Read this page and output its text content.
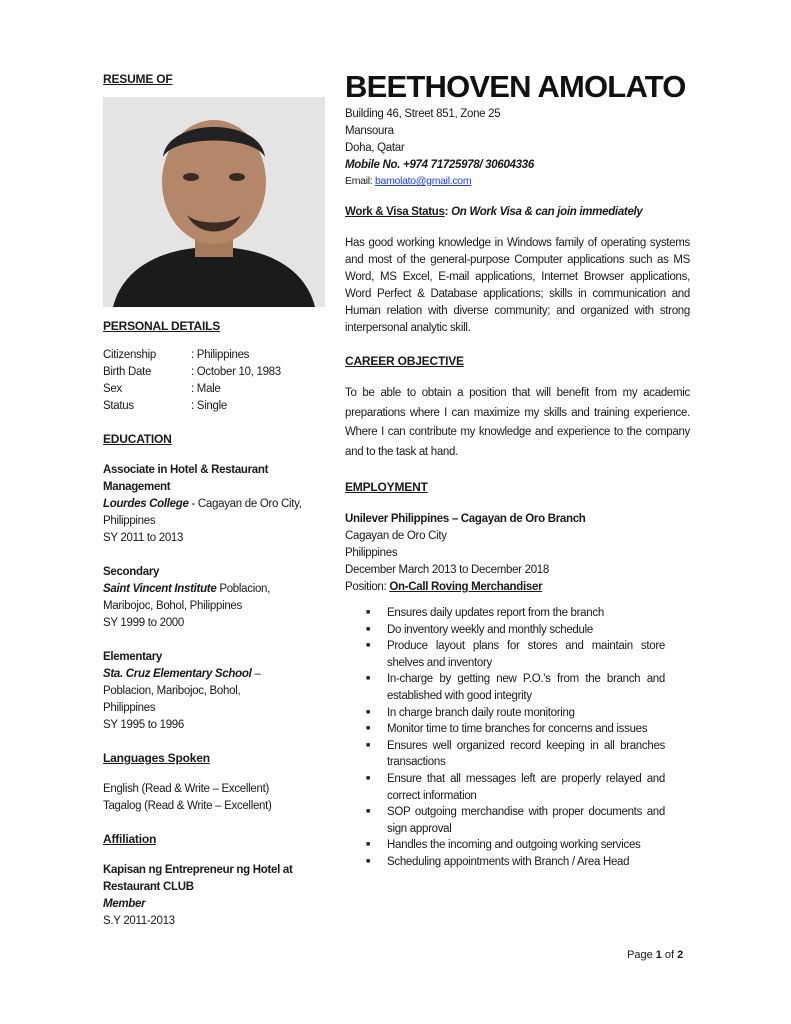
RESUME OF
PERSONAL DETAILS
Citizenship	: Philippines
Birth Date	: October 10, 1983
Sex	: Male
Status	: Single
EDUCATION
Associate in Hotel & Restaurant Management
Lourdes College - Cagayan de Oro City, Philippines
SY 2011 to 2013
Secondary
Saint Vincent Institute Poblacion, Maribojoc, Bohol, Philippines
SY 1999 to 2000
Elementary
Sta. Cruz Elementary School – Poblacion, Maribojoc, Bohol, Philippines
SY 1995 to 1996
Languages Spoken
English (Read & Write – Excellent)
Tagalog (Read & Write – Excellent)
Affiliation
Kapisan ng Entrepreneur ng Hotel at Restaurant CLUB
Member
S.Y 2011-2013
BEETHOVEN AMOLATO
Building 46, Street 851, Zone 25
Mansoura
Doha, Qatar
Mobile No. +974 71725978/ 30604336
Email: bamolato@gmail.com
Work & Visa Status: On Work Visa & can join immediately
Has good working knowledge in Windows family of operating systems and most of the general-purpose Computer applications such as MS Word, MS Excel, E-mail applications, Internet Browser applications, Word Perfect & Database applications; skills in communication and Human relation with diverse community; and organized with strong interpersonal analytic skill.
CAREER OBJECTIVE
To be able to obtain a position that will benefit from my academic preparations where I can maximize my skills and training experience. Where I can contribute my knowledge and experience to the company and to the task at hand.
EMPLOYMENT
Unilever Philippines – Cagayan de Oro Branch
Cagayan de Oro City
Philippines
December March 2013 to December 2018
Position: On-Call Roving Merchandiser
■ Ensures daily updates report from the branch
■ Do inventory weekly and monthly schedule
■ Produce layout plans for stores and maintain store shelves and inventory
■ In-charge by getting new P.O.'s from the branch and established with good integrity
■ In charge branch daily route monitoring
■ Monitor time to time branches for concerns and issues
■ Ensures well organized record keeping in all branches transactions
■ Ensure that all messages left are properly relayed and correct information
■ SOP outgoing merchandise with proper documents and sign approval
■ Handles the incoming and outgoing working services
■ Scheduling appointments with Branch / Area Head
Page 1 of 2
